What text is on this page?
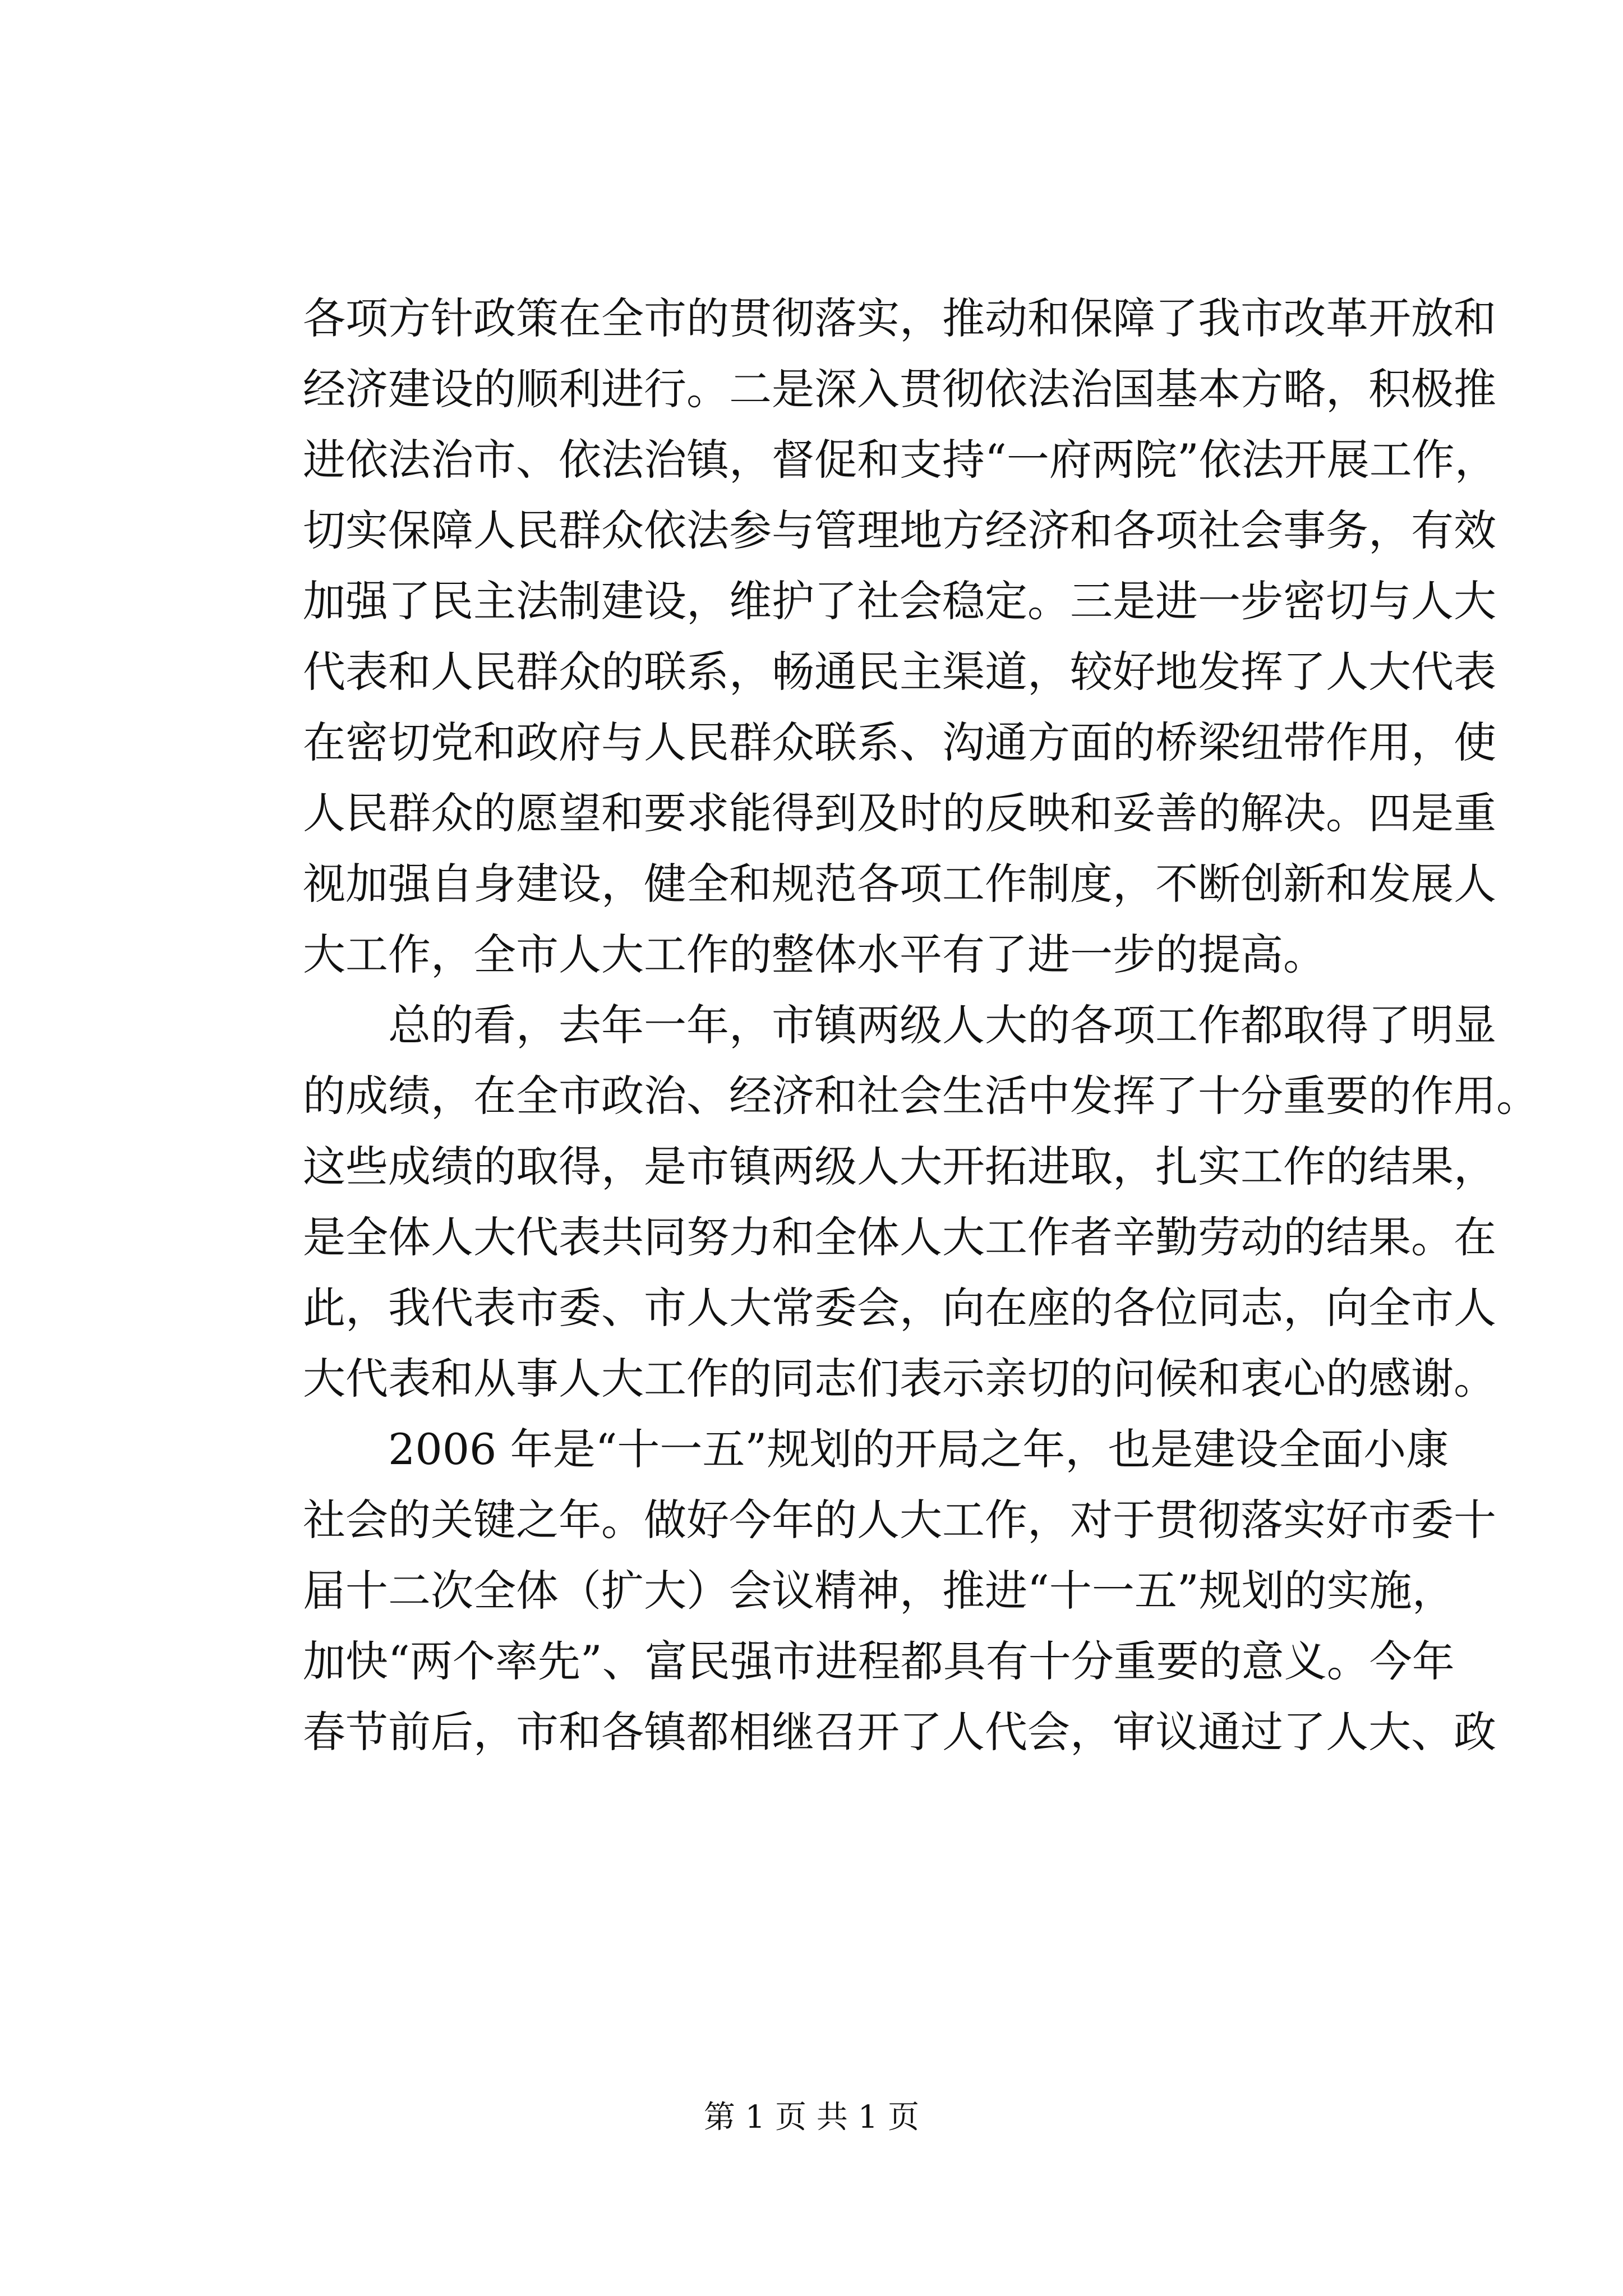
各项方针政策在全市的贯彻落实，推动和保障了我市改革开放和
经济建设的顺利进行。二是深入贯彻依法治国基本方略，积极推
进依法治市、依法治镇，督促和支持“一府两院”依法开展工作，
切实保障人民群众依法参与管理地方经济和各项社会事务，有效
加强了民主法制建设，维护了社会稳定。三是进一步密切与人大
代表和人民群众的联系，畅通民主渠道，较好地发挥了人大代表
在密切党和政府与人民群众联系、沟通方面的桥梁纽带作用，使
人民群众的愿望和要求能得到及时的反映和妥善的解决。四是重
视加强自身建设，健全和规范各项工作制度，不断创新和发展人
大工作，全市人大工作的整体水平有了进一步的提高。
总的看，去年一年，市镇两级人大的各项工作都取得了明显
的成绩，在全市政治、经济和社会生活中发挥了十分重要的作用。
这些成绩的取得，是市镇两级人大开拓进取，扎实工作的结果，
是全体人大代表共同努力和全体人大工作者辛勤劳动的结果。在
此，我代表市委、市人大常委会，向在座的各位同志，向全市人
大代表和从事人大工作的同志们表示亲切的问候和衷心的感谢。
2006 年是“十一五”规划的开局之年，也是建设全面小康
社会的关键之年。做好今年的人大工作，对于贯彻落实好市委十
届十二次全体（扩大）会议精神，推进“十一五”规划的实施，
加快“两个率先”、富民强市进程都具有十分重要的意义。今年
春节前后，市和各镇都相继召开了人代会，审议通过了人大、政
第 1 页 共 1 页
